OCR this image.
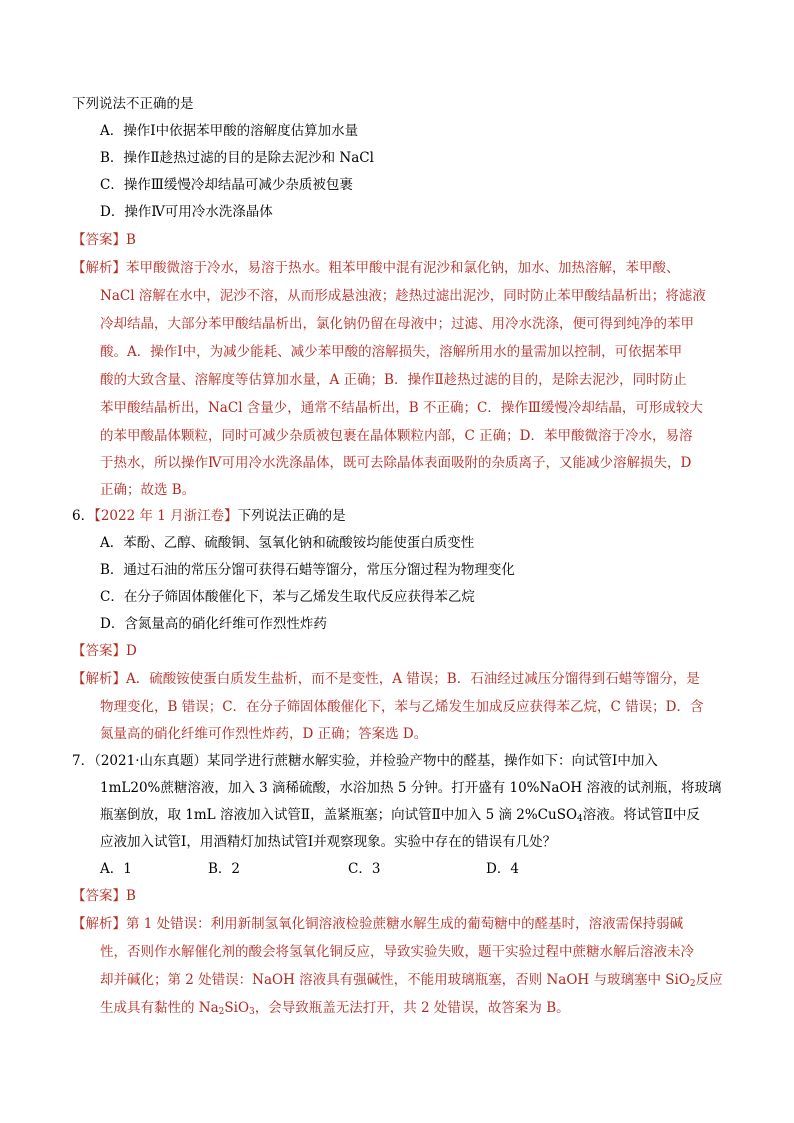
下列说法不正确的是
A．操作Ⅰ中依据苯甲酸的溶解度估算加水量
B．操作Ⅱ趁热过滤的目的是除去泥沙和 NaCl
C．操作Ⅲ缓慢冷却结晶可减少杂质被包裹
D．操作Ⅳ可用冷水洗涤晶体
【答案】B
【解析】苯甲酸微溶于冷水，易溶于热水。粗苯甲酸中混有泥沙和氯化钠，加水、加热溶解，苯甲酸、
NaCl 溶解在水中，泥沙不溶，从而形成悬浊液；趁热过滤出泥沙，同时防止苯甲酸结晶析出；将滤液
冷却结晶，大部分苯甲酸结晶析出，氯化钠仍留在母液中；过滤、用冷水洗涤，便可得到纯净的苯甲
酸。A．操作Ⅰ中，为减少能耗、减少苯甲酸的溶解损失，溶解所用水的量需加以控制，可依据苯甲
酸的大致含量、溶解度等估算加水量，A 正确；B．操作Ⅱ趁热过滤的目的，是除去泥沙，同时防止
苯甲酸结晶析出，NaCl 含量少，通常不结晶析出，B 不正确；C．操作Ⅲ缓慢冷却结晶，可形成较大
的苯甲酸晶体颗粒，同时可减少杂质被包裹在晶体颗粒内部，C 正确；D．苯甲酸微溶于冷水，易溶
于热水，所以操作Ⅳ可用冷水洗涤晶体，既可去除晶体表面吸附的杂质离子，又能减少溶解损失，D
正确；故选 B。
6．【2022 年 1 月浙江卷】下列说法正确的是
A．苯酚、乙醇、硫酸铜、氢氧化钠和硫酸铵均能使蛋白质变性
B．通过石油的常压分馏可获得石蜡等馏分，常压分馏过程为物理变化
C．在分子筛固体酸催化下，苯与乙烯发生取代反应获得苯乙烷
D．含氮量高的硝化纤维可作烈性炸药
【答案】D
【解析】A．硫酸铵使蛋白质发生盐析，而不是变性，A 错误；B．石油经过减压分馏得到石蜡等馏分，是
物理变化，B 错误；C．在分子筛固体酸催化下，苯与乙烯发生加成反应获得苯乙烷，C 错误；D．含
氮量高的硝化纤维可作烈性炸药，D 正确；答案选 D。
7．（2021·山东真题）某同学进行蔗糖水解实验，并检验产物中的醛基，操作如下：向试管Ⅰ中加入
1mL20%蔗糖溶液，加入 3 滴稀硫酸，水浴加热 5 分钟。打开盛有 10%NaOH 溶液的试剂瓶，将玻璃
瓶塞倒放，取 1mL 溶液加入试管Ⅱ，盖紧瓶塞；向试管Ⅱ中加入 5 滴 2%CuSO$_4$溶液。将试管Ⅱ中反
应液加入试管Ⅰ，用酒精灯加热试管Ⅰ并观察现象。实验中存在的错误有几处？
A．1	B．2	C．3	D．4
【答案】B
【解析】第 1 处错误：利用新制氢氧化铜溶液检验蔗糖水解生成的葡萄糖中的醛基时，溶液需保持弱碱
性，否则作水解催化剂的酸会将氢氧化铜反应，导致实验失败，题干实验过程中蔗糖水解后溶液未冷
却并碱化；第 2 处错误：NaOH 溶液具有强碱性，不能用玻璃瓶塞，否则 NaOH 与玻璃塞中 SiO$_2$反应
生成具有黏性的 $Na_2SiO_3$，会导致瓶盖无法打开，共 2 处错误，故答案为 B。
